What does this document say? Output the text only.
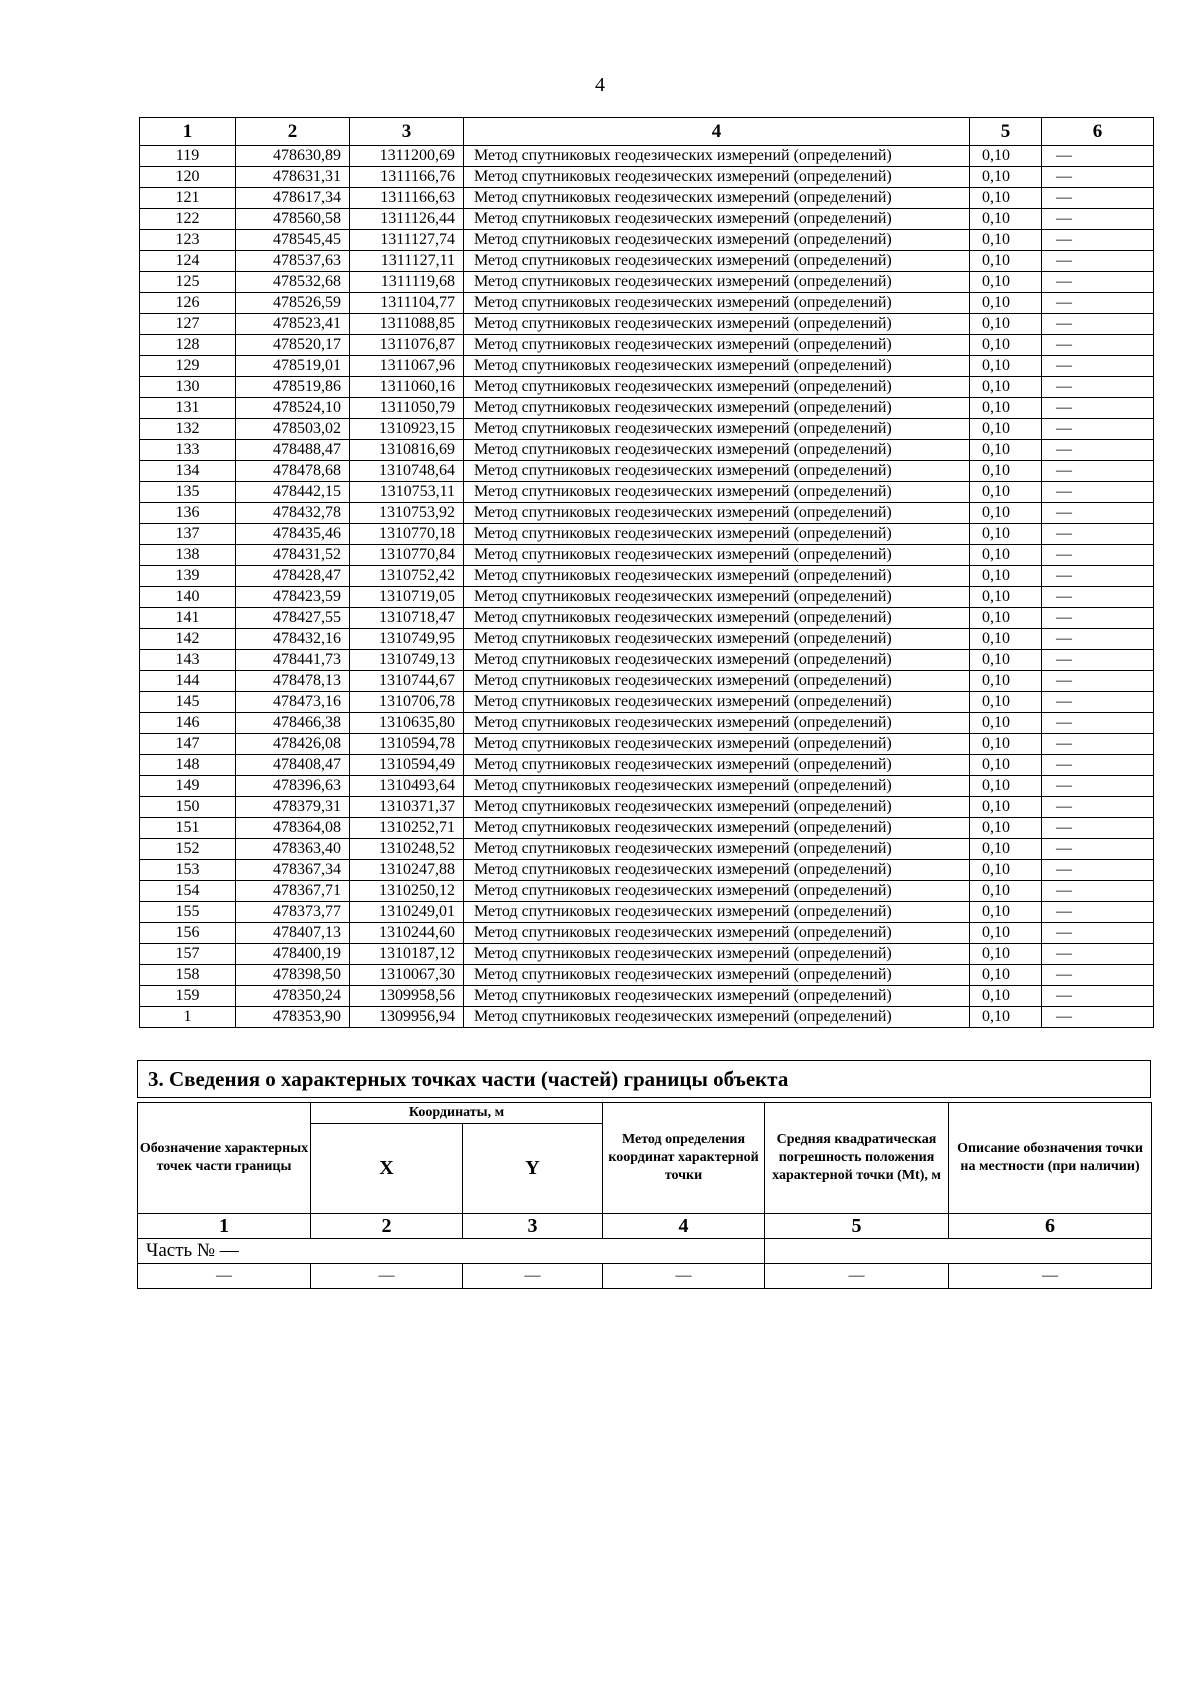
4
1	2	3	4	5	6
119	478630,89	1311200,69	Метод спутниковых геодезических измерений (определений)	0,10	—
120	478631,31	1311166,76	Метод спутниковых геодезических измерений (определений)	0,10	—
121	478617,34	1311166,63	Метод спутниковых геодезических измерений (определений)	0,10	—
122	478560,58	1311126,44	Метод спутниковых геодезических измерений (определений)	0,10	—
123	478545,45	1311127,74	Метод спутниковых геодезических измерений (определений)	0,10	—
124	478537,63	1311127,11	Метод спутниковых геодезических измерений (определений)	0,10	—
125	478532,68	1311119,68	Метод спутниковых геодезических измерений (определений)	0,10	—
126	478526,59	1311104,77	Метод спутниковых геодезических измерений (определений)	0,10	—
127	478523,41	1311088,85	Метод спутниковых геодезических измерений (определений)	0,10	—
128	478520,17	1311076,87	Метод спутниковых геодезических измерений (определений)	0,10	—
129	478519,01	1311067,96	Метод спутниковых геодезических измерений (определений)	0,10	—
130	478519,86	1311060,16	Метод спутниковых геодезических измерений (определений)	0,10	—
131	478524,10	1311050,79	Метод спутниковых геодезических измерений (определений)	0,10	—
132	478503,02	1310923,15	Метод спутниковых геодезических измерений (определений)	0,10	—
133	478488,47	1310816,69	Метод спутниковых геодезических измерений (определений)	0,10	—
134	478478,68	1310748,64	Метод спутниковых геодезических измерений (определений)	0,10	—
135	478442,15	1310753,11	Метод спутниковых геодезических измерений (определений)	0,10	—
136	478432,78	1310753,92	Метод спутниковых геодезических измерений (определений)	0,10	—
137	478435,46	1310770,18	Метод спутниковых геодезических измерений (определений)	0,10	—
138	478431,52	1310770,84	Метод спутниковых геодезических измерений (определений)	0,10	—
139	478428,47	1310752,42	Метод спутниковых геодезических измерений (определений)	0,10	—
140	478423,59	1310719,05	Метод спутниковых геодезических измерений (определений)	0,10	—
141	478427,55	1310718,47	Метод спутниковых геодезических измерений (определений)	0,10	—
142	478432,16	1310749,95	Метод спутниковых геодезических измерений (определений)	0,10	—
143	478441,73	1310749,13	Метод спутниковых геодезических измерений (определений)	0,10	—
144	478478,13	1310744,67	Метод спутниковых геодезических измерений (определений)	0,10	—
145	478473,16	1310706,78	Метод спутниковых геодезических измерений (определений)	0,10	—
146	478466,38	1310635,80	Метод спутниковых геодезических измерений (определений)	0,10	—
147	478426,08	1310594,78	Метод спутниковых геодезических измерений (определений)	0,10	—
148	478408,47	1310594,49	Метод спутниковых геодезических измерений (определений)	0,10	—
149	478396,63	1310493,64	Метод спутниковых геодезических измерений (определений)	0,10	—
150	478379,31	1310371,37	Метод спутниковых геодезических измерений (определений)	0,10	—
151	478364,08	1310252,71	Метод спутниковых геодезических измерений (определений)	0,10	—
152	478363,40	1310248,52	Метод спутниковых геодезических измерений (определений)	0,10	—
153	478367,34	1310247,88	Метод спутниковых геодезических измерений (определений)	0,10	—
154	478367,71	1310250,12	Метод спутниковых геодезических измерений (определений)	0,10	—
155	478373,77	1310249,01	Метод спутниковых геодезических измерений (определений)	0,10	—
156	478407,13	1310244,60	Метод спутниковых геодезических измерений (определений)	0,10	—
157	478400,19	1310187,12	Метод спутниковых геодезических измерений (определений)	0,10	—
158	478398,50	1310067,30	Метод спутниковых геодезических измерений (определений)	0,10	—
159	478350,24	1309958,56	Метод спутниковых геодезических измерений (определений)	0,10	—
1	478353,90	1309956,94	Метод спутниковых геодезических измерений (определений)	0,10	—
3. Сведения о характерных точках части (частей) границы объекта
Обозначение характерных точек части границы	Координаты, м		Метод определения координат характерной точки	Средняя квадратическая погрешность положения характерной точки (Mt), м	Описание обозначения точки на местности (при наличии)
	X	Y			
1	2	3	4	5	6
Часть № —					
—	—	—	—	—	—
